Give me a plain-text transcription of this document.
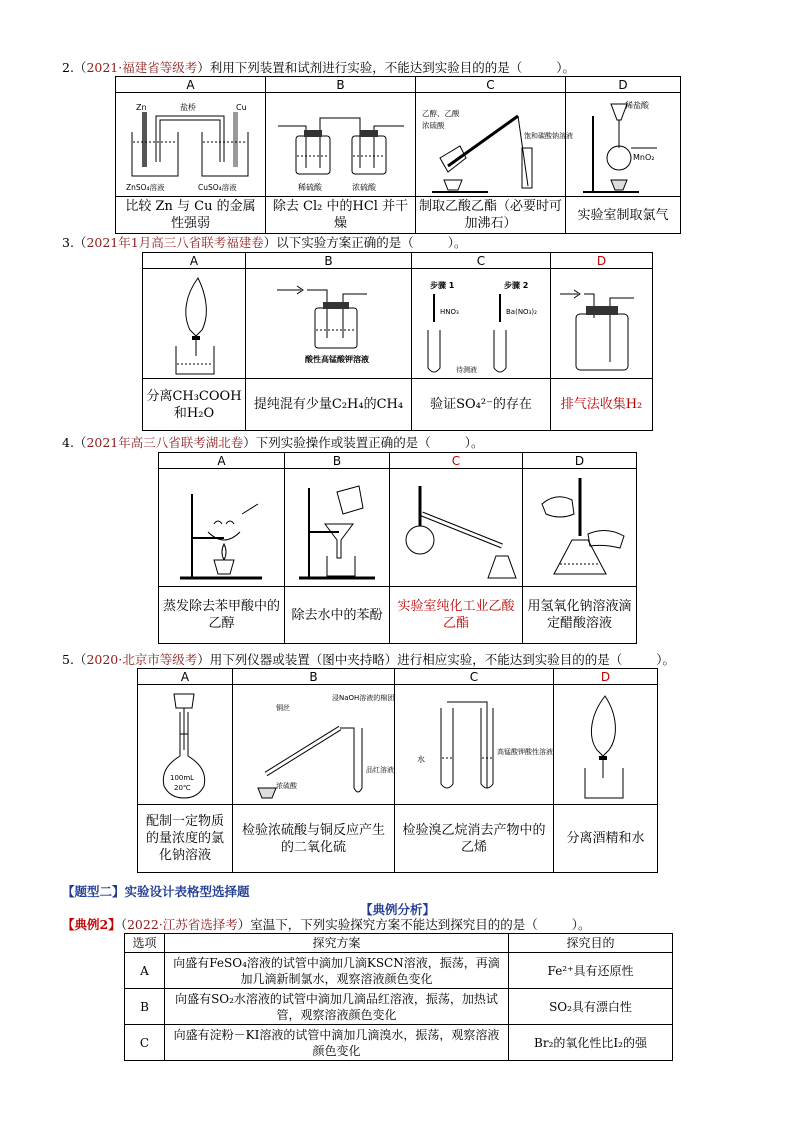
2.（2021·福建省等级考）利用下列装置和试剂进行实验，不能达到实验目的的是（	）。
A	B	C	D

Zn Cu
盐桥
ZnSO₄溶液 CuSO₄溶液	稀硫酸 浓硫酸	乙醇、乙酸
浓硫酸
饱和碳酸钠溶液	稀盐酸
MnO₂

比较 Zn 与 Cu 的金属性强弱	除去 Cl₂ 中的HCl 并干燥	制取乙酸乙酯（必要时可加沸石）	实验室制取氯气
3.（2021年1月高三八省联考福建卷）以下实验方案正确的是（	）。
A	B	C	D

酸性高锰酸钾溶液	步骤 1 步骤 2
HNO₃ Ba(NO₃)₂
待测液

分离CH₃COOH和H₂O	提纯混有少量C₂H₄的CH₄	验证SO₄²⁻的存在	排气法收集H₂
4.（2021年高三八省联考湖北卷）下列实验操作或装置正确的是（	）。
A	B	C	D

蒸发除去苯甲酸中的乙醇	除去水中的苯酚	实验室纯化工业乙酸乙酯	用氢氧化钠溶液滴定醋酸溶液
5.（2020·北京市等级考）用下列仪器或装置（图中夹持略）进行相应实验，不能达到实验目的的是（	）。
A	B	C	D

100mL
20℃	铜丝
浸NaOH溶液的棉团
浓硫酸
品红溶液	水
高锰酸钾酸性溶液

配制一定物质的量浓度的氯化钠溶液	检验浓硫酸与铜反应产生的二氧化硫	检验溴乙烷消去产物中的乙烯	分离酒精和水
【题型二】实验设计表格型选择题
【典例分析】
【典例2】（2022·江苏省选择考）室温下，下列实验探究方案不能达到探究目的的是（	）。
选项	探究方案	探究目的
A	向盛有FeSO₄溶液的试管中滴加几滴KSCN溶液，振荡，再滴加几滴新制氯水，观察溶液颜色变化	Fe²⁺具有还原性
B	向盛有SO₂水溶液的试管中滴加几滴品红溶液，振荡，加热试管，观察溶液颜色变化	SO₂具有漂白性
C	向盛有淀粉－KI溶液的试管中滴加几滴溴水，振荡，观察溶液颜色变化	Br₂的氧化性比I₂的强
